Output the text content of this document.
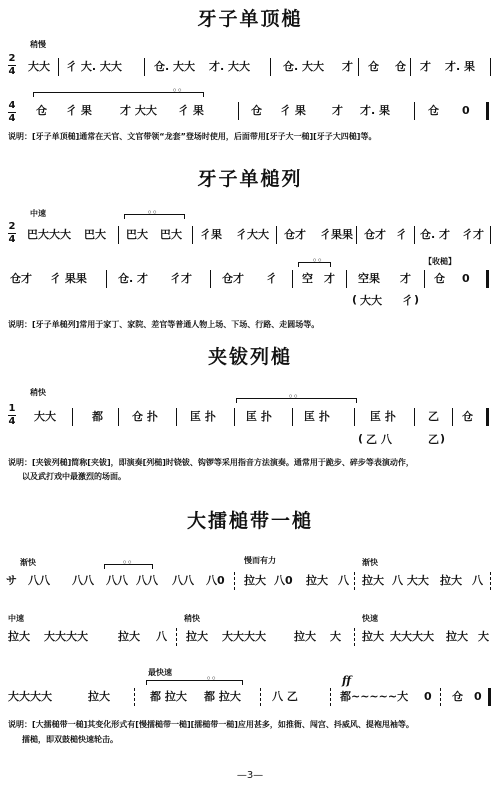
牙子单顶槌
稍慢
2
4 大大 彳 大. 大大	仓. 大大 才. 大大	仓. 大大 才 仓 仓 才 才. 果
4
4
◦◦
仓 彳 果	才 大大 彳 果	仓 彳 果 才 才. 果	仓 0
说明：[牙子单顶槌]通常在天官、文官带领“龙套”登场时使用，后面带用[牙子大一槌][牙子大四槌]等。
牙子单槌列
中速
2
4
◦◦
巴大大大 巴大 巴大 巴大 彳果 彳大大 仓才 彳果果 仓才 彳 仓. 才 彳才
【收槌】
◦◦
仓才 彳 果果	仓. 才 彳才	仓才 彳 空 才 空果 才 仓 0
( 大大 彳 )
说明：[牙子单槌列]常用于家丁、家院、差官等普通人物上场、下场、行路、走圆场等。
夹钹列槌
稍快
1
4
◦◦
大大	都	仓 扑	匡 扑	匡 扑	匡 扑	匡 扑	乙 仓
( 乙 八	乙 )
说明：[夹钹列槌]简称[夹钹]，即演奏[列槌]时铙钹、钩锣等采用指音方法演奏。通常用于跪步、碎步等表演动作，
以及武打戏中最激烈的场面。
大擂槌带一槌
渐快	慢而有力	渐快
◦◦
サ 八八 八八 八八 八八 八八 八0 拉大 八0 拉大 八 拉大 八 大大 拉大 八
中速	稍快	快速
拉大 大大大大	拉大 八 拉大 大大大大	拉大 大 拉大 大大大大 拉大 大
最快速
◦◦	ff
大大大大	拉大	都 拉大 都 拉大	八 乙	都~~~~~大 0 仓 0
说明：[大擂槌带一槌]其变化形式有[慢擂槌带一槌][擂槌带一槌]应用甚多，如推衙、闯宫、抖威风、提袍甩袖等。
擂槌，即双鼓槌快速轮击。
—3—
